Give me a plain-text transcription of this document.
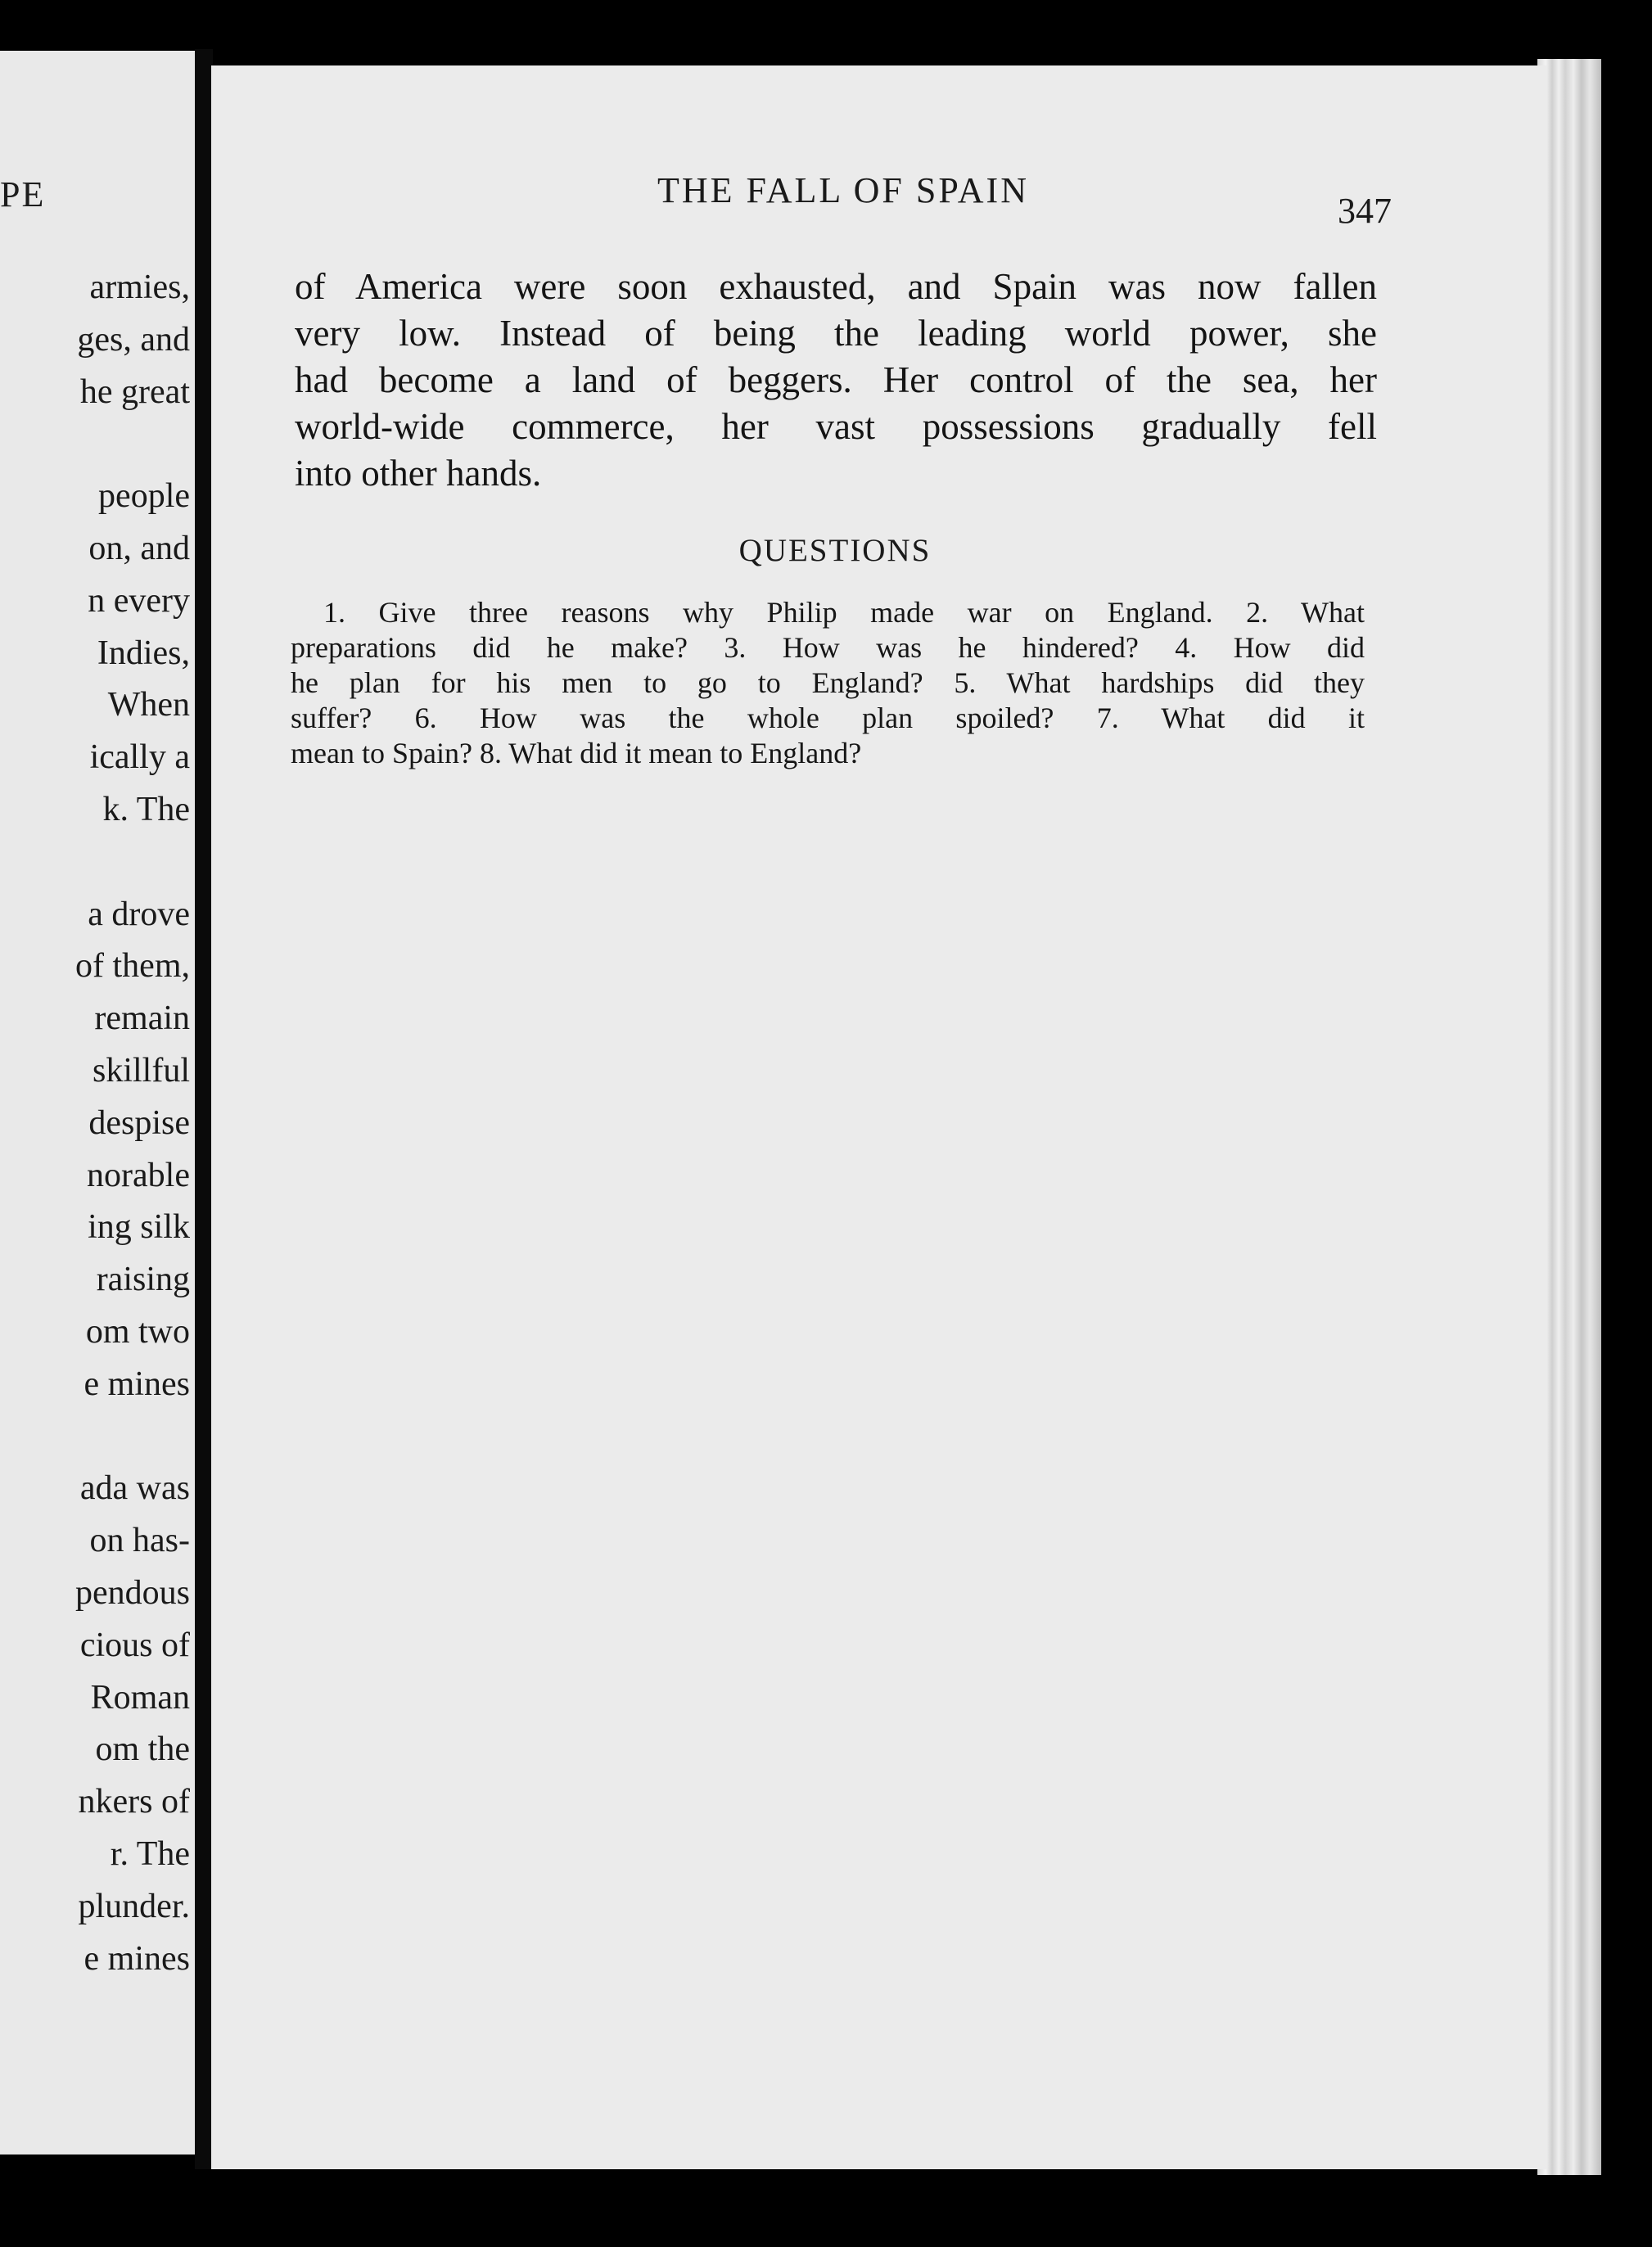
PE
armies,
ges, and
he great
people
on, and
n every
Indies,
When
ically a
k. The
a drove
of them,
remain
skillful
despise
norable
ing silk
raising
om two
e mines
ada was
on has-
pendous
cious of
Roman
om the
nkers of
r. The
plunder.
e mines
THE FALL OF SPAIN
347
of America were soon exhausted, and Spain was now fallen
very low. Instead of being the leading world power, she
had become a land of beggers. Her control of the sea, her
world-wide commerce, her vast possessions gradually fell
into other hands.
QUESTIONS
1. Give three reasons why Philip made war on England. 2. What
preparations did he make? 3. How was he hindered? 4. How did
he plan for his men to go to England? 5. What hardships did they
suffer? 6. How was the whole plan spoiled? 7. What did it
mean to Spain? 8. What did it mean to England?
